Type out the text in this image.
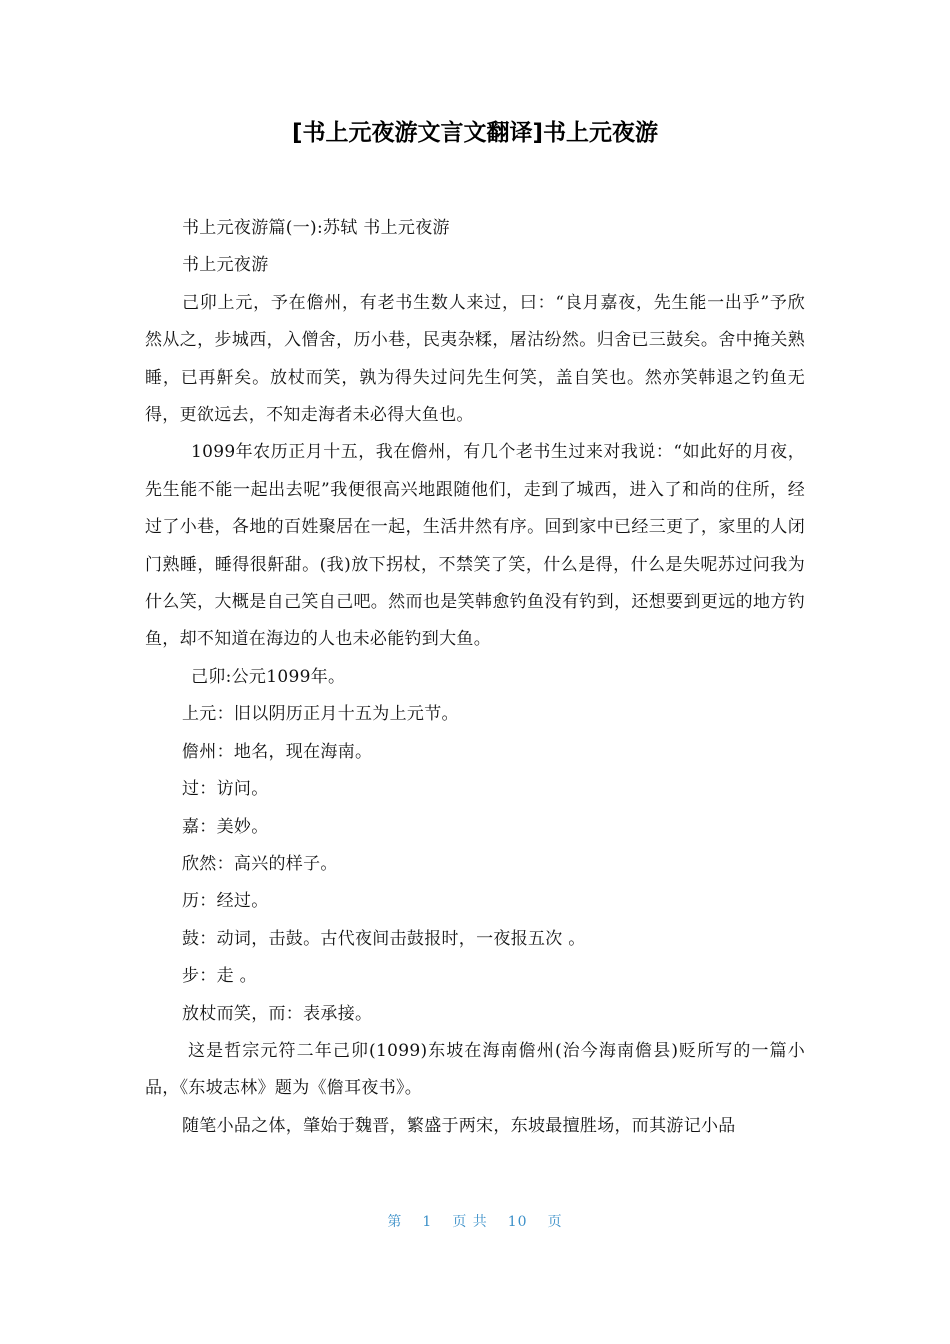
[书上元夜游文言文翻译]书上元夜游

书上元夜游篇(一):苏轼 书上元夜游

书上元夜游

己卯上元，予在儋州，有老书生数人来过，曰：“良月嘉夜，先生能一出乎”予欣然从之，步城西，入僧舍，历小巷，民夷杂糅，屠沽纷然。归舍已三鼓矣。舍中掩关熟睡，已再鼾矣。放杖而笑，孰为得失过问先生何笑，盖自笑也。然亦笑韩退之钓鱼无得，更欲远去，不知走海者未必得大鱼也。

1099年农历正月十五，我在儋州，有几个老书生过来对我说：“如此好的月夜，先生能不能一起出去呢”我便很高兴地跟随他们，走到了城西，进入了和尚的住所，经过了小巷，各地的百姓聚居在一起，生活井然有序。回到家中已经三更了，家里的人闭门熟睡，睡得很鼾甜。(我)放下拐杖，不禁笑了笑，什么是得，什么是失呢苏过问我为什么笑，大概是自己笑自己吧。然而也是笑韩愈钓鱼没有钓到，还想要到更远的地方钓鱼，却不知道在海边的人也未必能钓到大鱼。

己卯:公元1099年。

上元：旧以阴历正月十五为上元节。

儋州：地名，现在海南。

过：访问。

嘉：美妙。

欣然：高兴的样子。

历：经过。

鼓：动词，击鼓。古代夜间击鼓报时，一夜报五次 。

步：走 。

放杖而笑，而：表承接。

这是哲宗元符二年己卯(1099)东坡在海南儋州(治今海南儋县)贬所写的一篇小品，《东坡志林》题为《儋耳夜书》。

随笔小品之体，肇始于魏晋，繁盛于两宋，东坡最擅胜场，而其游记小品

第 1 页 共 10 页
